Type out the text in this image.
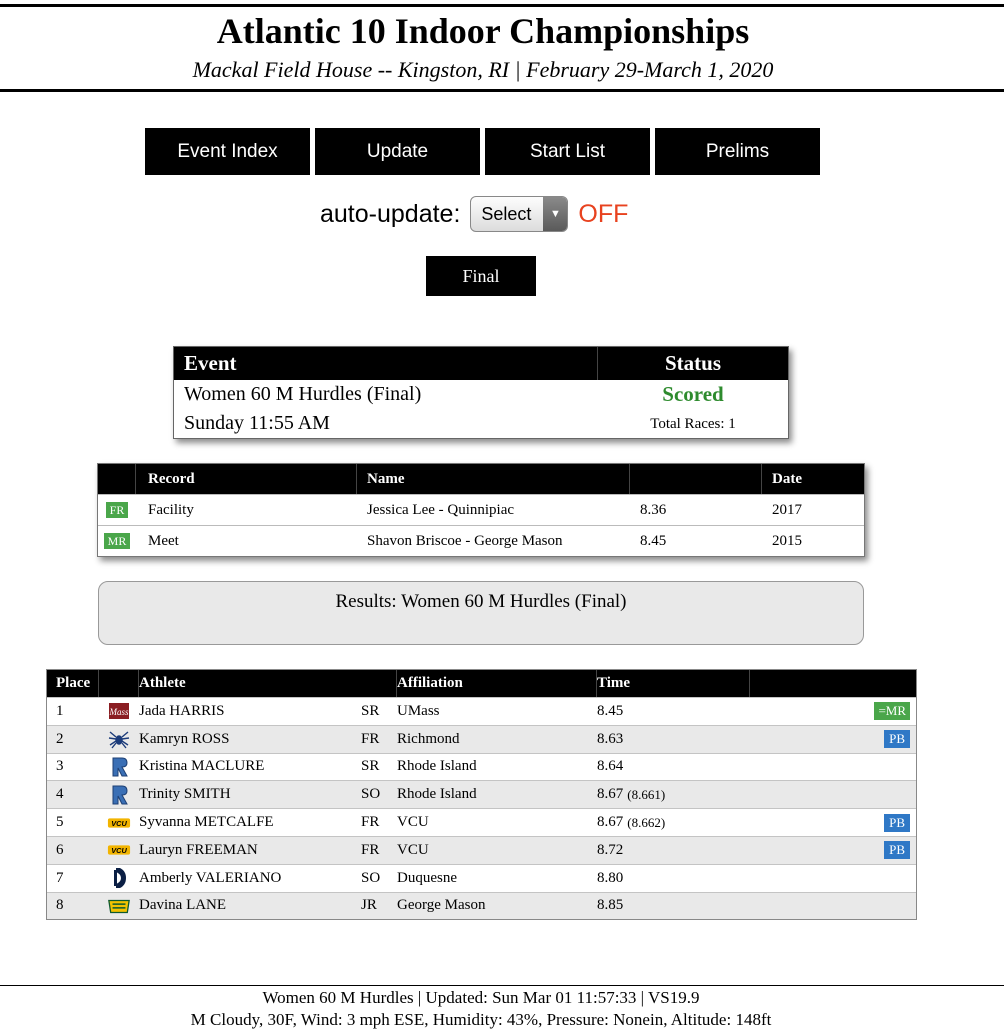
Atlantic 10 Indoor Championships
Mackal Field House -- Kingston, RI | February 29-March 1, 2020
Event Index	Update	Start List	Prelims
auto-update:	Select	▼ OFF
Final
Event	Status
Women 60 M Hurdles (Final)	Scored
Sunday 11:55 AM	Total Races: 1
Record	Name	Date
FR	Facility	Jessica Lee - Quinnipiac	8.36	2017
MR	Meet	Shavon Briscoe - George Mason	8.45	2015
Results: Women 60 M Hurdles (Final)
Place	Athlete	Affiliation	Time
1	Mass Jada HARRIS	SR	UMass	8.45	=MR
2	Kamryn ROSS	FR	Richmond	8.63	PB
3	Kristina MACLURE	SR	Rhode Island	8.64
4	Trinity SMITH	SO	Rhode Island	8.67 (8.661)
5	VCU Syvanna METCALFE	FR	VCU	8.67 (8.662)	PB
6	VCU Lauryn FREEMAN	FR	VCU	8.72	PB
7	Amberly VALERIANO	SO	Duquesne	8.80
8	Davina LANE	JR	George Mason	8.85
Women 60 M Hurdles | Updated: Sun Mar 01 11:57:33 | VS19.9
M Cloudy, 30F, Wind: 3 mph ESE, Humidity: 43%, Pressure: Nonein, Altitude: 148ft
